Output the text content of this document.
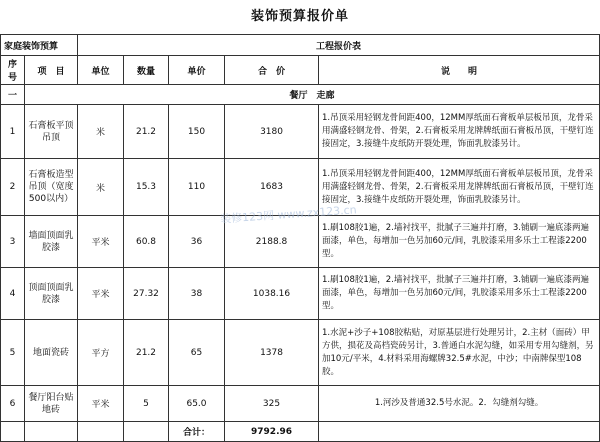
装饰预算报价单
家庭装饰预算		工程报价表				
序号	项　目	单位	数量	单价	合　价	说　　明
一	餐厅　走廊					
1	石膏板平顶吊顶	米	21.2	150	3180	1.吊顶采用轻钢龙骨间距400，12MM厚纸面石膏板单层板吊顶，龙骨采用满盛轻钢龙骨、骨架，2.石膏板采用龙牌牌纸面石膏板吊顶，干壁钉连接固定，3.接缝牛皮纸防开裂处理，饰面乳胶漆另计。
2	石膏板造型吊顶（宽度500以内）	米	15.3	110	1683	1.吊顶采用轻钢龙骨间距400，12MM厚纸面石膏板单层板吊顶，龙骨采用满盛轻钢龙骨、骨架，2.石膏板采用龙牌牌纸面石膏板吊顶，干壁钉连接固定，3.接缝牛皮纸防开裂处理，饰面乳胶漆另计。
3	墙面顶面乳胶漆	平米	60.8	36	2188.8	1.刷108胶1遍，2.墙衬找平，批腻子三遍并打磨，3.铺刷一遍底漆两遍面漆，单色，每增加一色另加60元/间，乳胶漆采用多乐士工程漆2200型。
4	顶面顶面乳胶漆	平米	27.32	38	1038.16	1.刷108胶1遍，2.墙衬找平，批腻子三遍并打磨，3.铺刷一遍底漆两遍面漆，单色，每增加一色另加60元/间，乳胶漆采用多乐士工程漆2200型。
5	地面瓷砖	平方	21.2	65	1378	1.水泥+沙子+108胶粘贴，对原基层进行处理另计，2.主材（面砖）甲方供，损花及高档瓷砖另计，3.普通白水泥勾缝，如采用专用勾缝剂，另加10元/平米，4.材料采用海螺牌32.5#水泥，中沙；中南牌保型108胶。
6	餐厅阳台贴地砖	平米	5	65.0	325	1.河沙及普通32.5号水泥。2．勾缝剂勾缝。
				合计：	9792.96	
装修123网 www.zx123.cn
